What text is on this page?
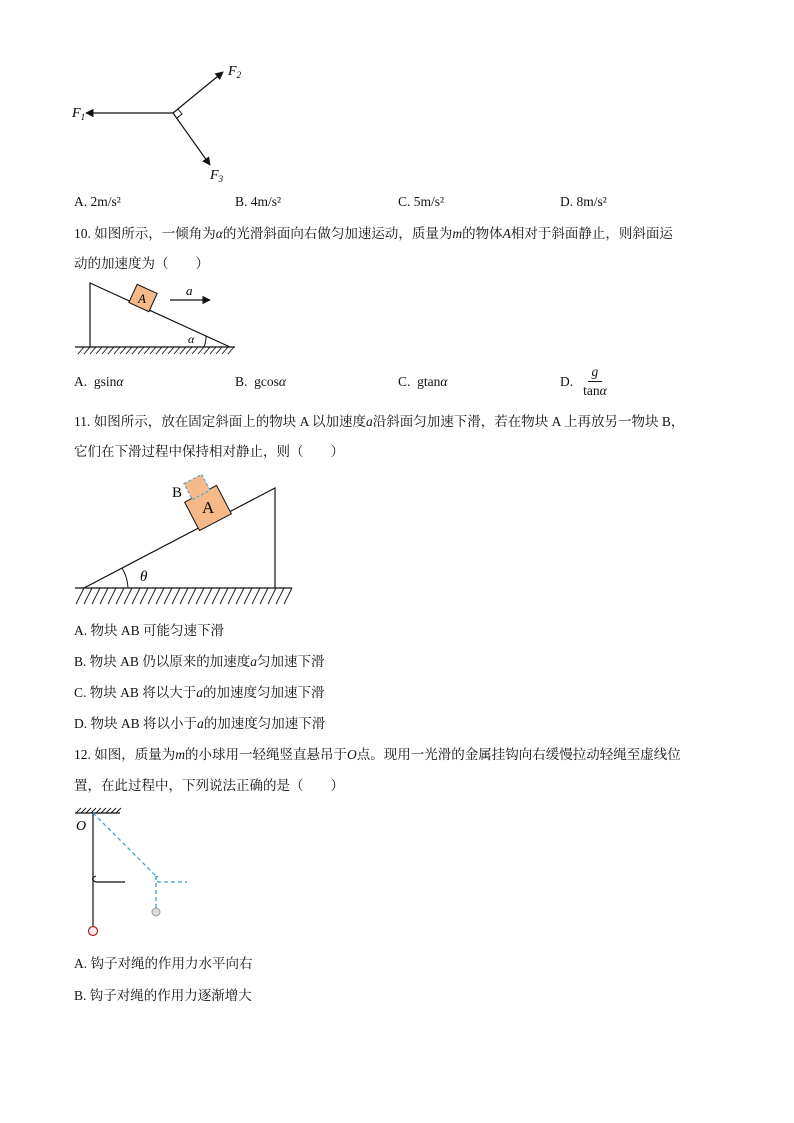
$F_1$
$F_2$
$F_3$
A. 2m/s²	B. 4m/s²	C. 5m/s²	D. 8m/s²
10. 如图所示，一倾角为α的光滑斜面向右做匀加速运动，质量为m的物体A相对于斜面静止，则斜面运
动的加速度为（　　）
A
a
α
A. gsinα	B. gcosα	C. gtanα	D. $\frac{g}{\tan\alpha}$
11. 如图所示，放在固定斜面上的物块 A 以加速度a沿斜面匀加速下滑，若在物块 A 上再放另一物块 B，
它们在下滑过程中保持相对静止，则（　　）
A
B
θ
A. 物块 AB 可能匀速下滑
B. 物块 AB 仍以原来的加速度a匀加速下滑
C. 物块 AB 将以大于a的加速度匀加速下滑
D. 物块 AB 将以小于a的加速度匀加速下滑
12. 如图，质量为m的小球用一轻绳竖直悬吊于O点。现用一光滑的金属挂钩向右缓慢拉动轻绳至虚线位
置，在此过程中，下列说法正确的是（　　）
O
A. 钩子对绳的作用力水平向右
B. 钩子对绳的作用力逐渐增大
